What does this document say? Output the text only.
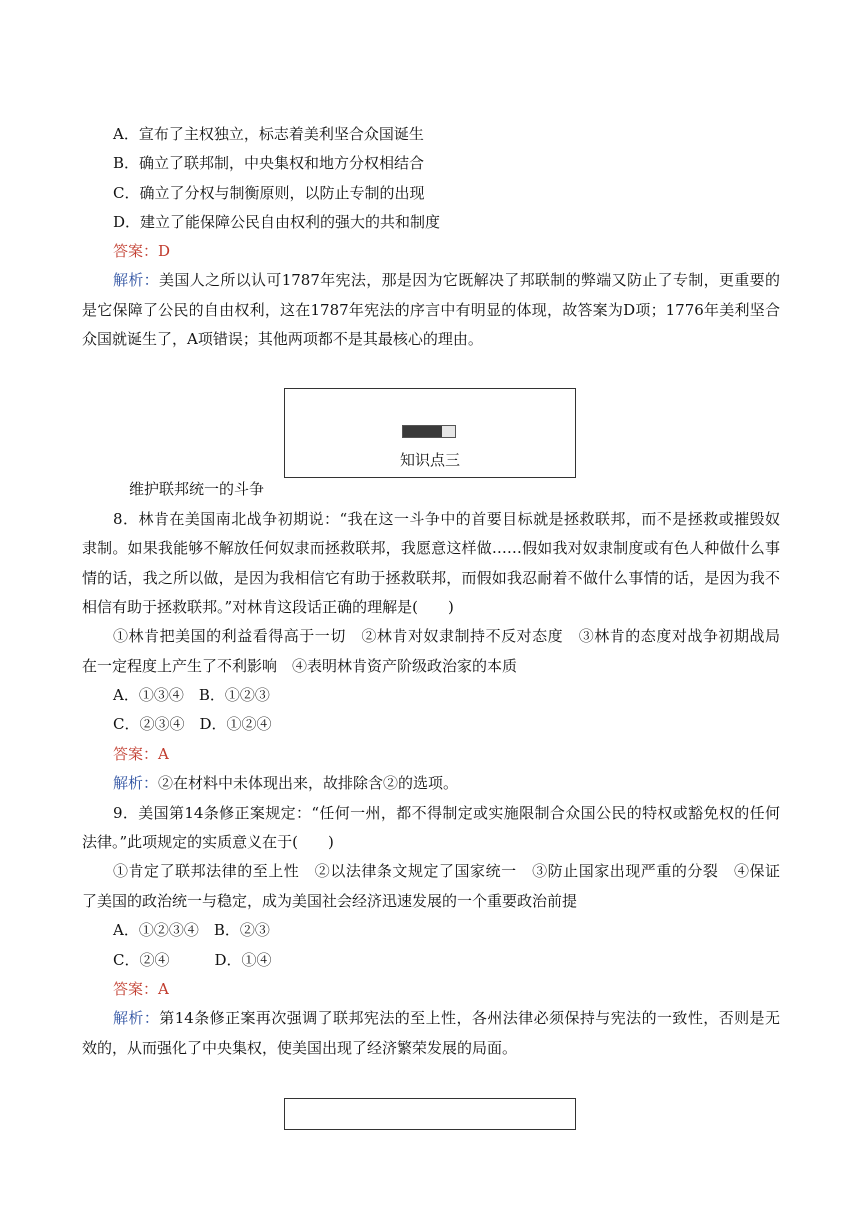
A．宣布了主权独立，标志着美利坚合众国诞生
B．确立了联邦制，中央集权和地方分权相结合
C．确立了分权与制衡原则，以防止专制的出现
D．建立了能保障公民自由权利的强大的共和制度
答案：D
解析：美国人之所以认可1787年宪法，那是因为它既解决了邦联制的弊端又防止了专制，更重要的
是它保障了公民的自由权利，这在1787年宪法的序言中有明显的体现，故答案为D项；1776年美利坚合
众国就诞生了，A项错误；其他两项都不是其最核心的理由。
知识点三
维护联邦统一的斗争
8．林肯在美国南北战争初期说：“我在这一斗争中的首要目标就是拯救联邦，而不是拯救或摧毁奴
隶制。如果我能够不解放任何奴隶而拯救联邦，我愿意这样做……假如我对奴隶制度或有色人种做什么事
情的话，我之所以做，是因为我相信它有助于拯救联邦，而假如我忍耐着不做什么事情的话，是因为我不
相信有助于拯救联邦。”对林肯这段话正确的理解是(　　)
①林肯把美国的利益看得高于一切　②林肯对奴隶制持不反对态度　③林肯的态度对战争初期战局
在一定程度上产生了不利影响　④表明林肯资产阶级政治家的本质
A．①③④　B．①②③
C．②③④　D．①②④
答案：A
解析：②在材料中未体现出来，故排除含②的选项。
9．美国第14条修正案规定：“任何一州，都不得制定或实施限制合众国公民的特权或豁免权的任何
法律。”此项规定的实质意义在于(　　)
①肯定了联邦法律的至上性　②以法律条文规定了国家统一　③防止国家出现严重的分裂　④保证
了美国的政治统一与稳定，成为美国社会经济迅速发展的一个重要政治前提
A．①②③④　B．②③
C．②④　　　D．①④
答案：A
解析：第14条修正案再次强调了联邦宪法的至上性，各州法律必须保持与宪法的一致性，否则是无
效的，从而强化了中央集权，使美国出现了经济繁荣发展的局面。
